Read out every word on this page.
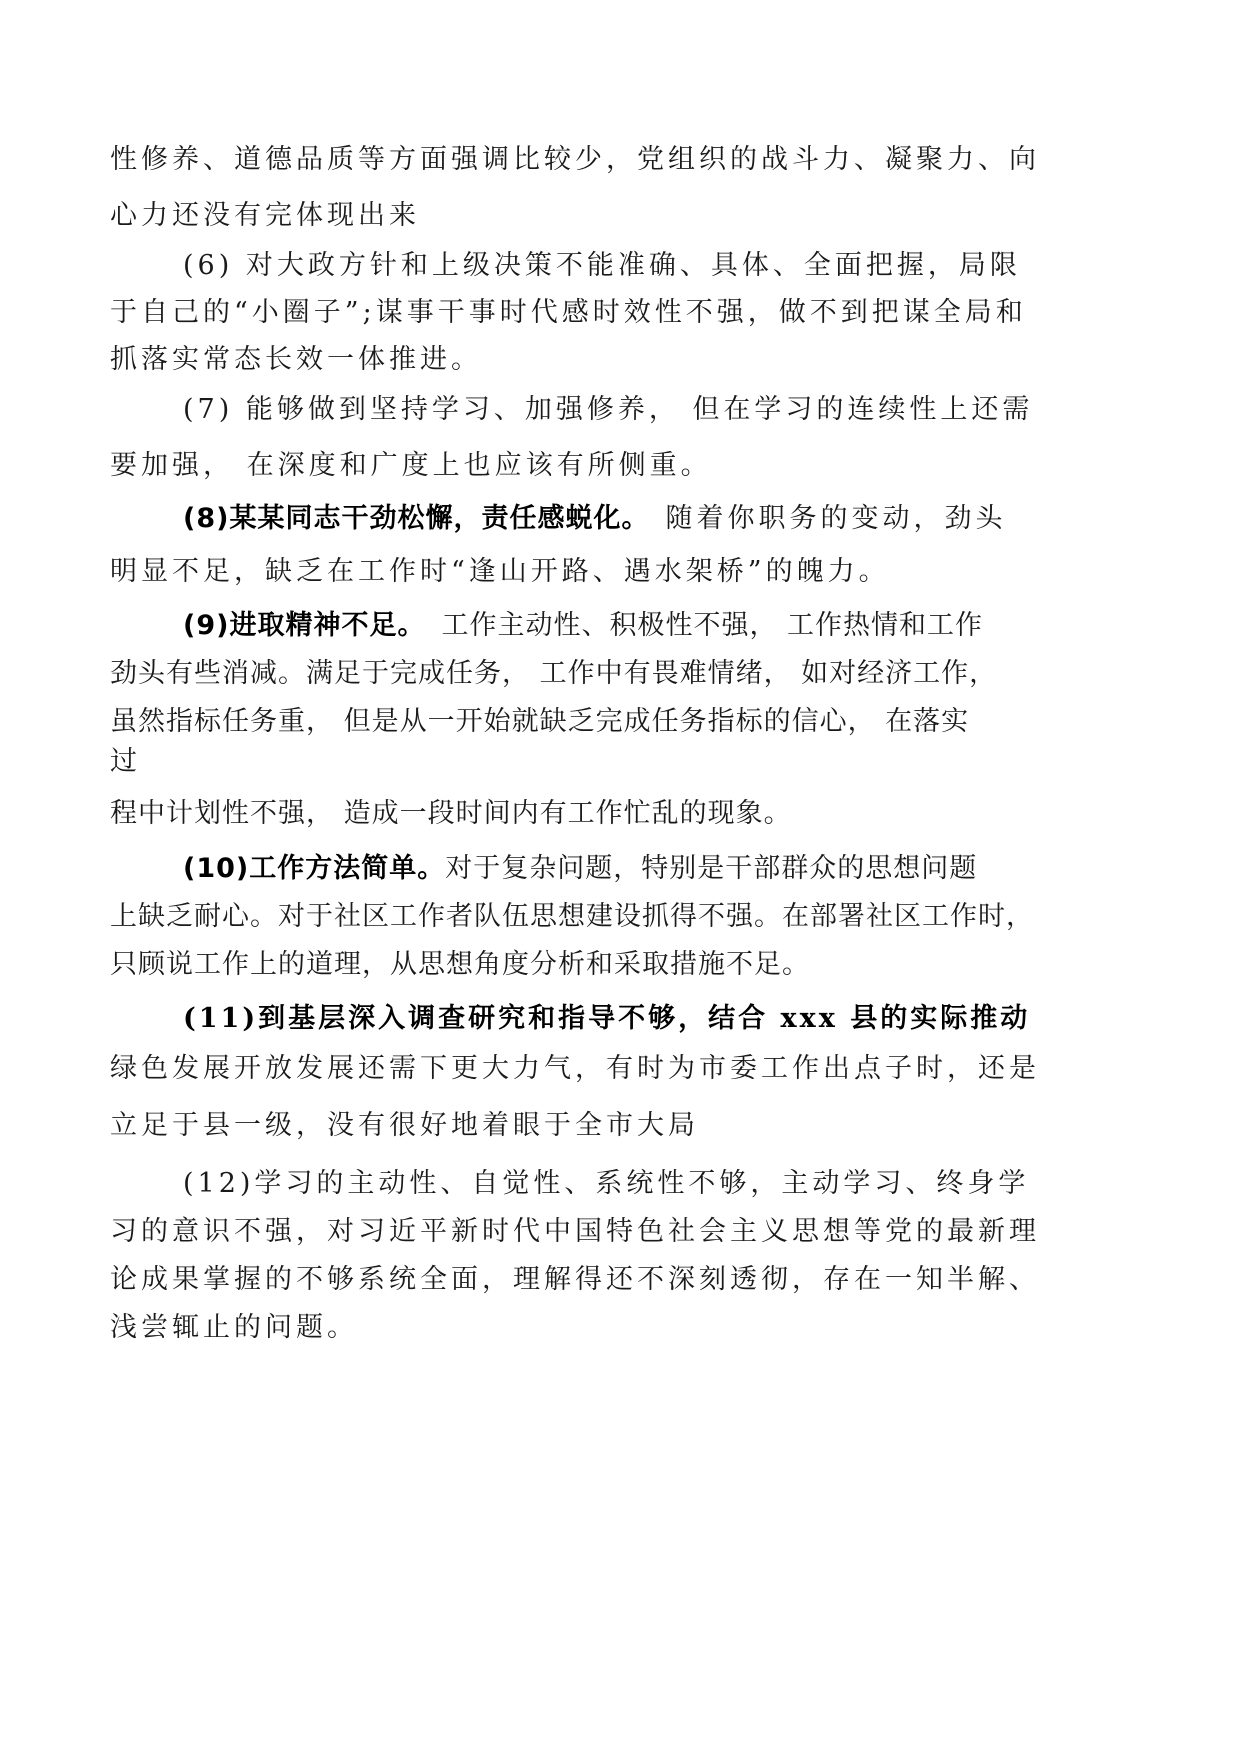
性修养、道德品质等方面强调比较少，党组织的战斗力、凝聚力、向

心力还没有完体现出来

(6) 对大政方针和上级决策不能准确、具体、全面把握，局限

于自己的“小圈子”;谋事干事时代感时效性不强，做不到把谋全局和

抓落实常态长效一体推进。

(7) 能够做到坚持学习、加强修养， 但在学习的连续性上还需

要加强， 在深度和广度上也应该有所侧重。

(8)某某同志干劲松懈，责任感蜕化。 随着你职务的变动，劲头

明显不足，缺乏在工作时“逢山开路、遇水架桥”的魄力。

(9)进取精神不足。 工作主动性、积极性不强， 工作热情和工作

劲头有些消减。满足于完成任务， 工作中有畏难情绪， 如对经济工作，

虽然指标任务重， 但是从一开始就缺乏完成任务指标的信心， 在落实

过

程中计划性不强， 造成一段时间内有工作忙乱的现象。

(10)工作方法简单。对于复杂问题，特别是干部群众的思想问题

上缺乏耐心。对于社区工作者队伍思想建设抓得不强。在部署社区工作时，

只顾说工作上的道理，从思想角度分析和采取措施不足。

(11)到基层深入调查研究和指导不够，结合 xxx 县的实际推动

绿色发展开放发展还需下更大力气，有时为市委工作出点子时，还是

立足于县一级，没有很好地着眼于全市大局

(12)学习的主动性、自觉性、系统性不够，主动学习、终身学

习的意识不强，对习近平新时代中国特色社会主义思想等党的最新理

论成果掌握的不够系统全面，理解得还不深刻透彻，存在一知半解、

浅尝辄止的问题。
